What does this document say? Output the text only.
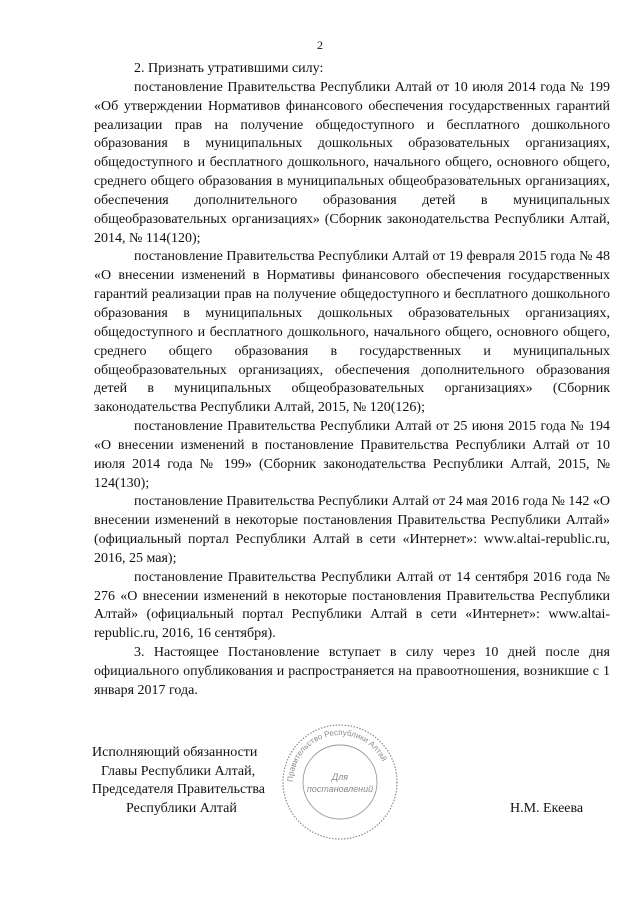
2

2. Признать утратившими силу:

постановление Правительства Республики Алтай от 10 июля 2014 года № 199 «Об утверждении Нормативов финансового обеспечения государственных гарантий реализации прав на получение общедоступного и бесплатного дошкольного образования в муниципальных дошкольных образовательных организациях, общедоступного и бесплатного дошкольного, начального общего, основного общего, среднего общего образования в муниципальных общеобразовательных организациях, обеспечения дополнительного образования детей в муниципальных общеобразовательных организациях» (Сборник законодательства Республики Алтай, 2014, № 114(120);

постановление Правительства Республики Алтай от 19 февраля 2015 года № 48 «О внесении изменений в Нормативы финансового обеспечения государственных гарантий реализации прав на получение общедоступного и бесплатного дошкольного образования в муниципальных дошкольных образовательных организациях, общедоступного и бесплатного дошкольного, начального общего, основного общего, среднего общего образования в государственных и муниципальных общеобразовательных организациях, обеспечения дополнительного образования детей в муниципальных общеобразовательных организациях» (Сборник законодательства Республики Алтай, 2015, № 120(126);

постановление Правительства Республики Алтай от 25 июня 2015 года № 194 «О внесении изменений в постановление Правительства Республики Алтай от 10 июля 2014 года № 199» (Сборник законодательства Республики Алтай, 2015, № 124(130);

постановление Правительства Республики Алтай от 24 мая 2016 года № 142 «О внесении изменений в некоторые постановления Правительства Республики Алтай» (официальный портал Республики Алтай в сети «Интернет»: www.altai-republic.ru, 2016, 25 мая);

постановление Правительства Республики Алтай от 14 сентября 2016 года № 276 «О внесении изменений в некоторые постановления Правительства Республики Алтай» (официальный портал Республики Алтай в сети «Интернет»: www.altai-republic.ru, 2016, 16 сентября).

3. Настоящее Постановление вступает в силу через 10 дней после дня официального опубликования и распространяется на правоотношения, возникшие с 1 января 2017 года.

Исполняющий обязанности
Главы Республики Алтай,
Председателя Правительства
Республики Алтай	Н.М. Екеева
Правительство Республики Алтай
Для
постановлений
